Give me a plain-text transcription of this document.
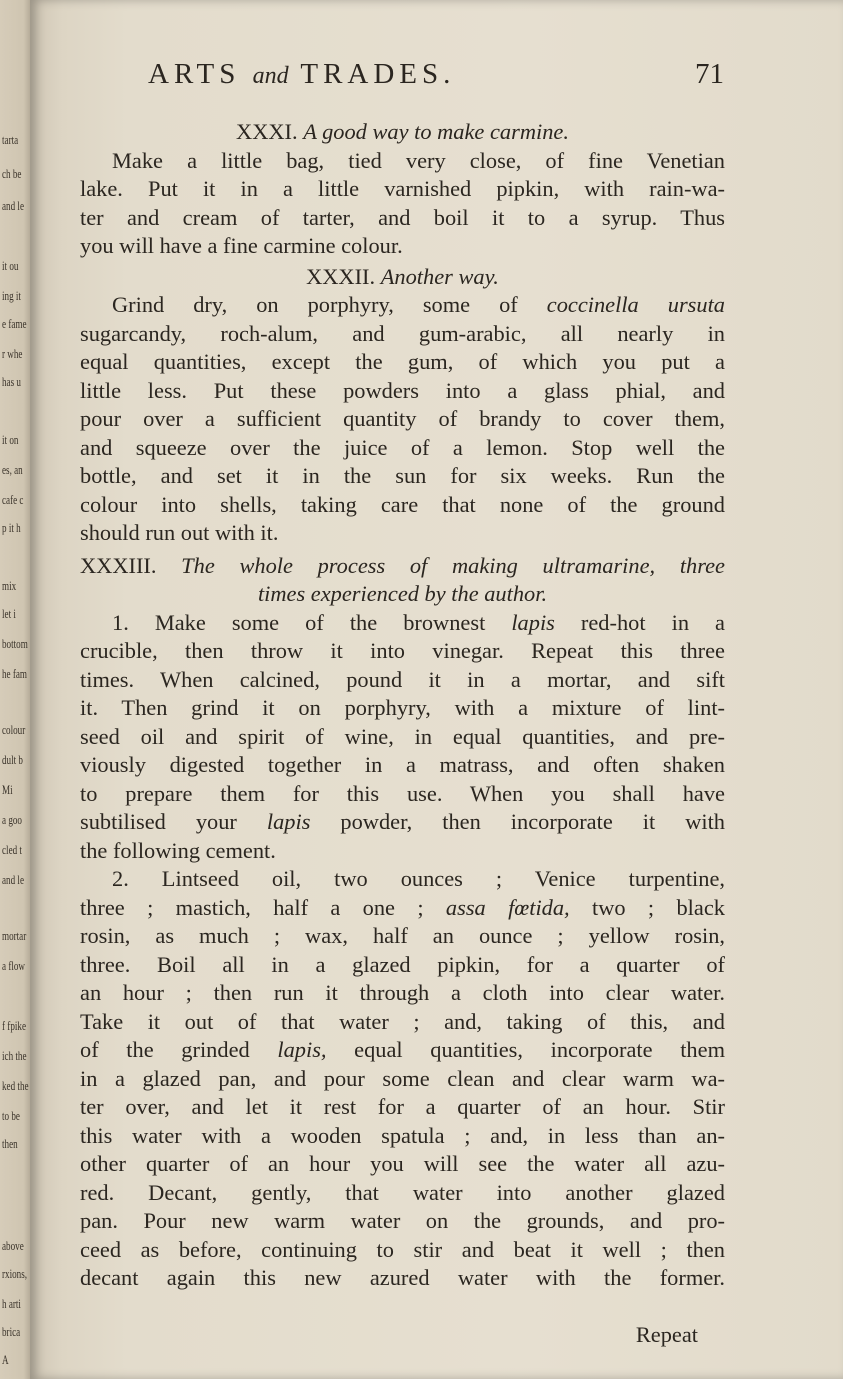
tarta
ch be
and le
it ou
ing it
e fame
r whe
has u
it on
es, an
cafe c
p it h
mix
let i
bottom
he fam
colour
dult b
Mi
a goo
cled t
and le
mortar
a flow
f fpike
ich the
ked the
to be
then
above
rxions,
h arti
brica
A
ARTS and TRADES.	71
XXXI. A good way to make carmine.
Make a little bag, tied very close, of fine Venetian
lake. Put it in a little varnished pipkin, with rain-wa-
ter and cream of tarter, and boil it to a syrup. Thus
you will have a fine carmine colour.
XXXII. Another way.
Grind dry, on porphyry, some of coccinella ursuta
sugarcandy, roch-alum, and gum-arabic, all nearly in
equal quantities, except the gum, of which you put a
little less. Put these powders into a glass phial, and
pour over a sufficient quantity of brandy to cover them,
and squeeze over the juice of a lemon. Stop well the
bottle, and set it in the sun for six weeks. Run the
colour into shells, taking care that none of the ground
should run out with it.
XXXIII. The whole process of making ultramarine, three
times experienced by the author.
1. Make some of the brownest lapis red-hot in a
crucible, then throw it into vinegar. Repeat this three
times. When calcined, pound it in a mortar, and sift
it. Then grind it on porphyry, with a mixture of lint-
seed oil and spirit of wine, in equal quantities, and pre-
viously digested together in a matrass, and often shaken
to prepare them for this use. When you shall have
subtilised your lapis powder, then incorporate it with
the following cement.
2. Lintseed oil, two ounces ; Venice turpentine,
three ; mastich, half a one ; assa fœtida, two ; black
rosin, as much ; wax, half an ounce ; yellow rosin,
three. Boil all in a glazed pipkin, for a quarter of
an hour ; then run it through a cloth into clear water.
Take it out of that water ; and, taking of this, and
of the grinded lapis, equal quantities, incorporate them
in a glazed pan, and pour some clean and clear warm wa-
ter over, and let it rest for a quarter of an hour. Stir
this water with a wooden spatula ; and, in less than an-
other quarter of an hour you will see the water all azu-
red. Decant, gently, that water into another glazed
pan. Pour new warm water on the grounds, and pro-
ceed as before, continuing to stir and beat it well ; then
decant again this new azured water with the former.
Repeat
